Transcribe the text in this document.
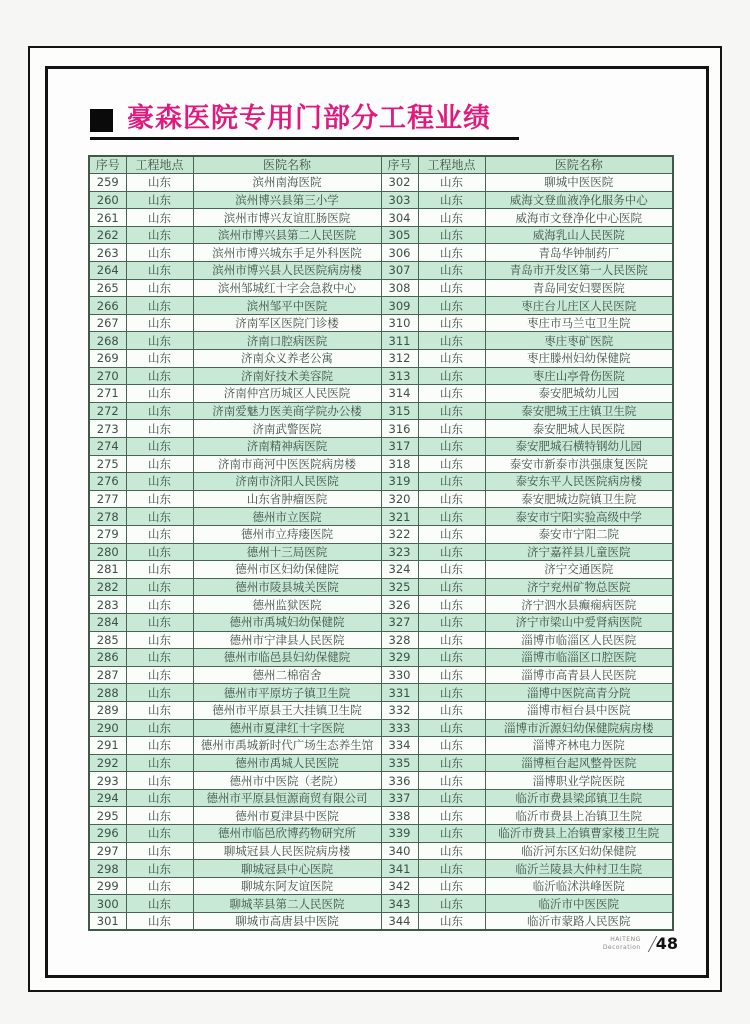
豪森医院专用门部分工程业绩
序号	工程地点	医院名称	序号	工程地点	医院名称
259	山东	滨州南海医院	302	山东	聊城中医医院
260	山东	滨州博兴县第三小学	303	山东	威海文登血液净化服务中心
261	山东	滨州市博兴友谊肛肠医院	304	山东	威海市文登净化中心医院
262	山东	滨州市博兴县第二人民医院	305	山东	威海乳山人民医院
263	山东	滨州市博兴城东手足外科医院	306	山东	青岛华钟制药厂
264	山东	滨州市博兴县人民医院病房楼	307	山东	青岛市开发区第一人民医院
265	山东	滨州邹城红十字会急救中心	308	山东	青岛同安妇婴医院
266	山东	滨州邹平中医院	309	山东	枣庄台儿庄区人民医院
267	山东	济南军区医院门诊楼	310	山东	枣庄市马兰屯卫生院
268	山东	济南口腔病医院	311	山东	枣庄枣矿医院
269	山东	济南众义养老公寓	312	山东	枣庄滕州妇幼保健院
270	山东	济南好技术美容院	313	山东	枣庄山亭骨伤医院
271	山东	济南仲宫历城区人民医院	314	山东	泰安肥城幼儿园
272	山东	济南爱魅力医美商学院办公楼	315	山东	泰安肥城王庄镇卫生院
273	山东	济南武警医院	316	山东	泰安肥城人民医院
274	山东	济南精神病医院	317	山东	泰安肥城石横特钢幼儿园
275	山东	济南市商河中医医院病房楼	318	山东	泰安市新泰市洪强康复医院
276	山东	济南市济阳人民医院	319	山东	泰安东平人民医院病房楼
277	山东	山东省肿瘤医院	320	山东	泰安肥城边院镇卫生院
278	山东	德州市立医院	321	山东	泰安市宁阳实验高级中学
279	山东	德州市立痔瘘医院	322	山东	泰安市宁阳二院
280	山东	德州十三局医院	323	山东	济宁嘉祥县儿童医院
281	山东	德州市区妇幼保健院	324	山东	济宁交通医院
282	山东	德州市陵县城关医院	325	山东	济宁兖州矿物总医院
283	山东	德州监狱医院	326	山东	济宁泗水县癫痫病医院
284	山东	德州市禹城妇幼保健院	327	山东	济宁市梁山中爱肾病医院
285	山东	德州市宁津县人民医院	328	山东	淄博市临淄区人民医院
286	山东	德州市临邑县妇幼保健院	329	山东	淄博市临淄区口腔医院
287	山东	德州二棉宿舍	330	山东	淄博市高青县人民医院
288	山东	德州市平原坊子镇卫生院	331	山东	淄博中医院高青分院
289	山东	德州市平原县王大挂镇卫生院	332	山东	淄博市桓台县中医院
290	山东	德州市夏津红十字医院	333	山东	淄博市沂源妇幼保健院病房楼
291	山东	德州市禹城新时代广场生态养生馆	334	山东	淄博齐林电力医院
292	山东	德州市禹城人民医院	335	山东	淄博桓台起风整骨医院
293	山东	德州市中医院（老院）	336	山东	淄博职业学院医院
294	山东	德州市平原县恒源商贸有限公司	337	山东	临沂市费县梁邱镇卫生院
295	山东	德州市夏津县中医院	338	山东	临沂市费县上冶镇卫生院
296	山东	德州市临邑欣博药物研究所	339	山东	临沂市费县上冶镇曹家楼卫生院
297	山东	聊城冠县人民医院病房楼	340	山东	临沂河东区妇幼保健院
298	山东	聊城冠县中心医院	341	山东	临沂兰陵县大仲村卫生院
299	山东	聊城东阿友谊医院	342	山东	临沂临沭洪峰医院
300	山东	聊城莘县第二人民医院	343	山东	临沂市中医医院
301	山东	聊城市高唐县中医院	344	山东	临沂市蒙路人民医院
HAITENG
Decoration 48
